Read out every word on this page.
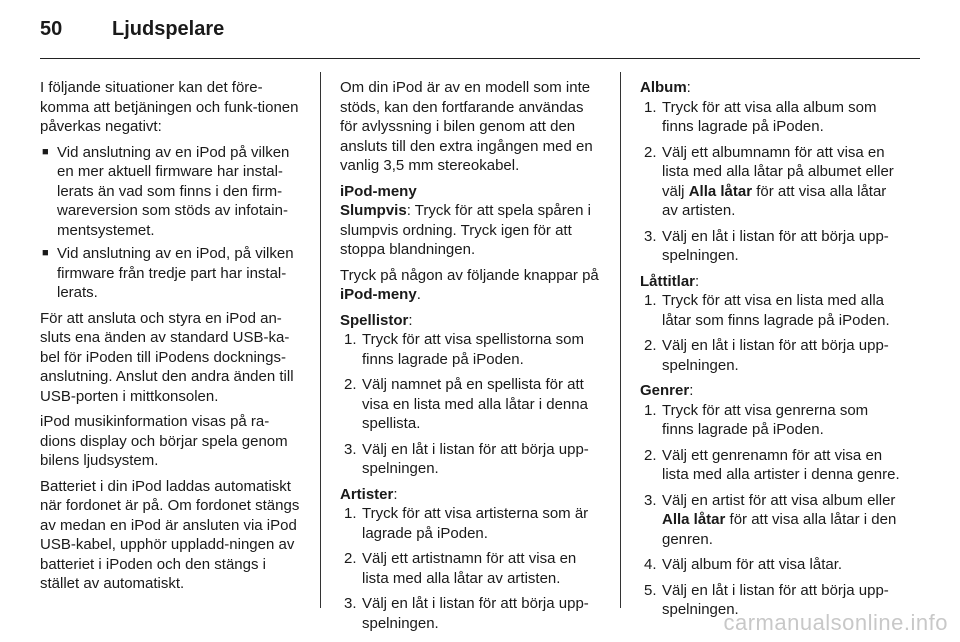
50 Ljudspelare

I följande situationer kan det före-komma att betjäningen och funk-tionen påverkas negativt:

■ Vid anslutning av en iPod på vilken en mer aktuell firmware har instal-lerats än vad som finns i den firm-wareversion som stöds av infotain-mentsystemet.
■ Vid anslutning av en iPod, på vilken firmware från tredje part har instal-lerats.

För att ansluta och styra en iPod an-sluts ena änden av standard USB-ka-bel för iPoden till iPodens docknings-anslutning. Anslut den andra änden till USB-porten i mittkonsolen.

iPod musikinformation visas på ra-dions display och börjar spela genom bilens ljudsystem.

Batteriet i din iPod laddas automatiskt när fordonet är på. Om fordonet stängs av medan en iPod är ansluten via iPod USB-kabel, upphör uppladd-ningen av batteriet i iPoden och den stängs i stället av automatiskt.

Om din iPod är av en modell som inte stöds, kan den fortfarande användas för avlyssning i bilen genom att den ansluts till den extra ingången med en vanlig 3,5 mm stereokabel.

iPod-meny

Slumpvis: Tryck för att spela spåren i slumpvis ordning. Tryck igen för att stoppa blandningen.

Tryck på någon av följande knappar på iPod-meny.

Spellistor:

1. Tryck för att visa spellistorna som finns lagrade på iPoden.
2. Välj namnet på en spellista för att visa en lista med alla låtar i denna spellista.
3. Välj en låt i listan för att börja upp-spelningen.

Artister:

1. Tryck för att visa artisterna som är lagrade på iPoden.
2. Välj ett artistnamn för att visa en lista med alla låtar av artisten.
3. Välj en låt i listan för att börja upp-spelningen.

Album:

1. Tryck för att visa alla album som finns lagrade på iPoden.
2. Välj ett albumnamn för att visa en lista med alla låtar på albumet eller välj Alla låtar för att visa alla låtar av artisten.
3. Välj en låt i listan för att börja upp-spelningen.

Låttitlar:

1. Tryck för att visa en lista med alla låtar som finns lagrade på iPoden.
2. Välj en låt i listan för att börja upp-spelningen.

Genrer:

1. Tryck för att visa genrerna som finns lagrade på iPoden.
2. Välj ett genrenamn för att visa en lista med alla artister i denna genre.
3. Välj en artist för att visa album eller Alla låtar för att visa alla låtar i den genren.
4. Välj album för att visa låtar.
5. Välj en låt i listan för att börja upp-spelningen.
carmanualsonline.info
